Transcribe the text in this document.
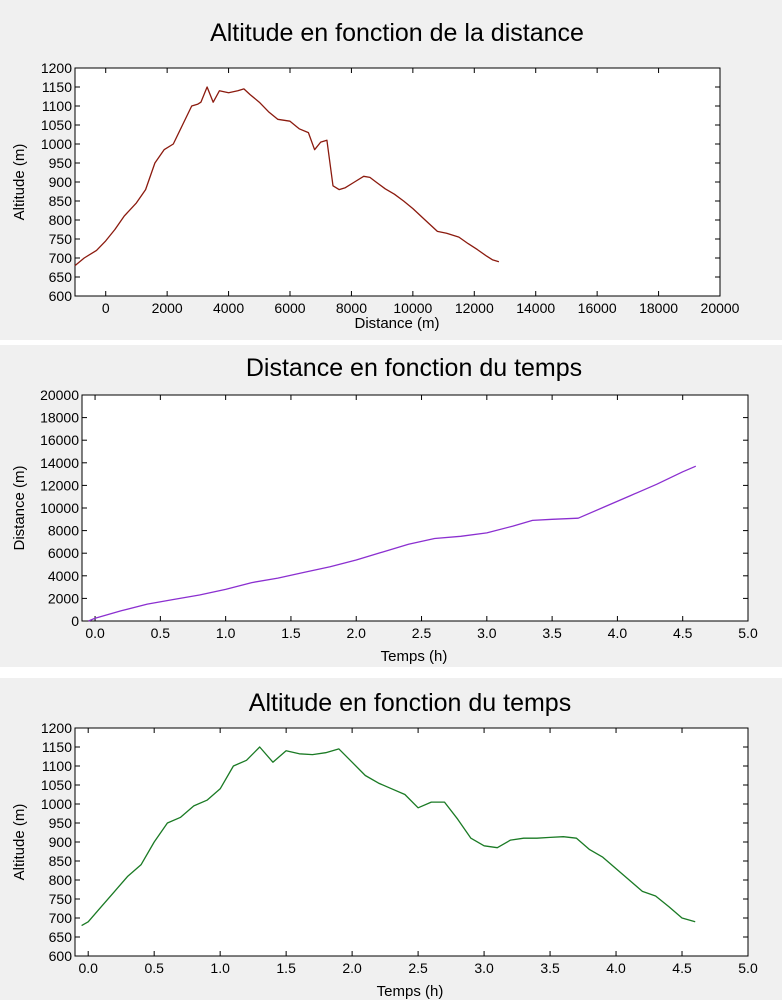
Altitude en fonction de la distance
Distance (m)
Altitude (m)
0	2000 4000 6000 8000 10000 12000 14000 16000 18000 20000
600
650
700
750
800
850
900
950
1000
1050
1100
1150
1200
Distance en fonction du temps
Temps (h)
Distance (m)
0.0	0.5	1.0	1.5	2.0	2.5	3.0	3.5	4.0	4.5	5.0
0
2000
4000
6000
8000
10000
12000
14000
16000
18000
20000
Altitude en fonction du temps
Temps (h)
Altitude (m)
0.0	0.5	1.0	1.5	2.0	2.5	3.0	3.5	4.0	4.5	5.0
600
650
700
750
800
850
900
950
1000
1050
1100
1150
1200
